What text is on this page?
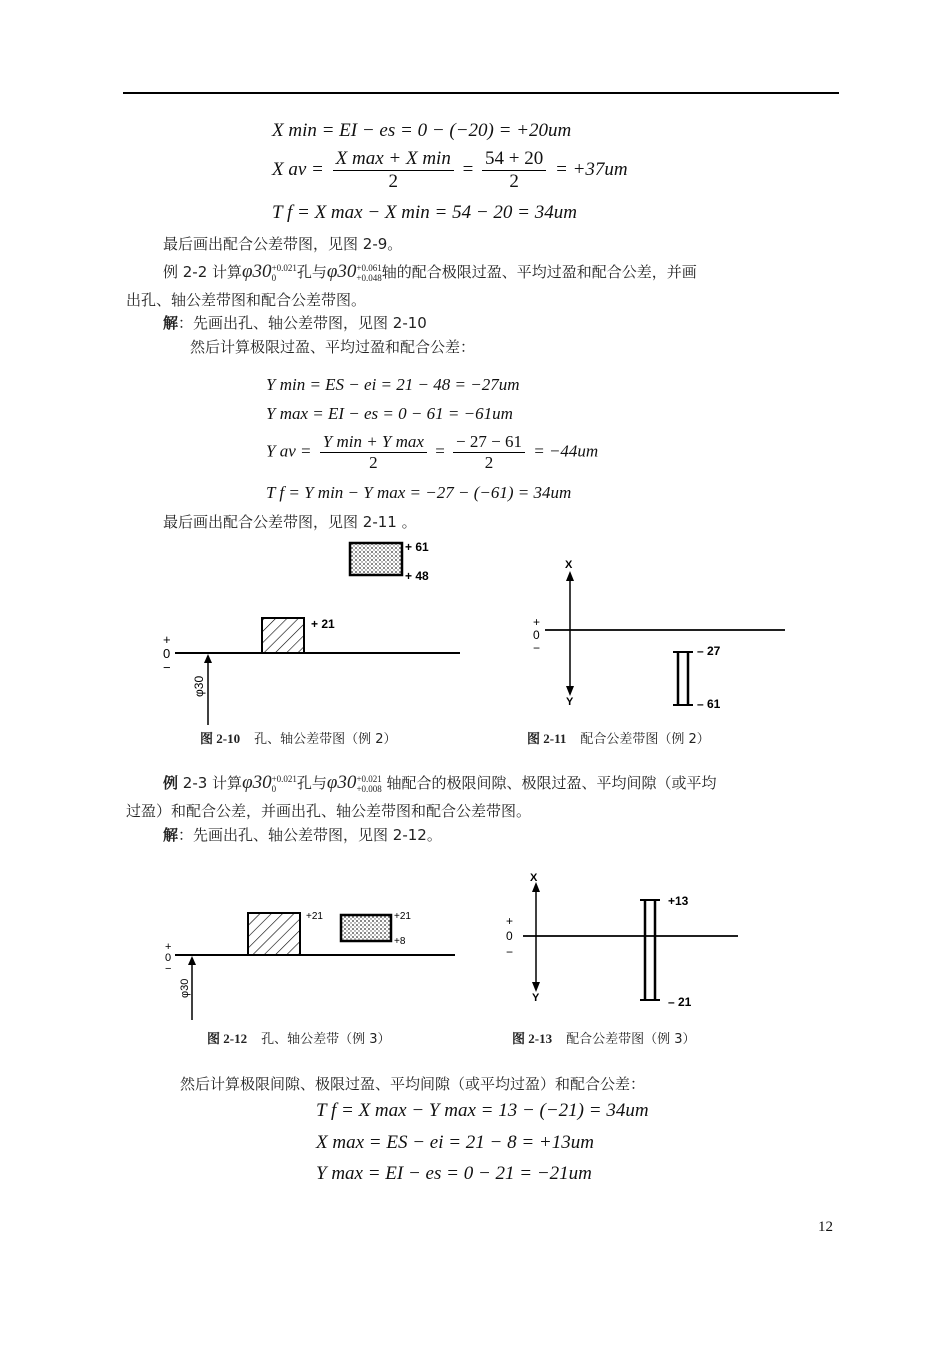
X min = EI − es = 0 − (−20) = +20um
X av = $\frac{\text{X max + X min}}{2} = \frac{54 + 20}{2} = +37um$
T f = X max − X min = 54 − 20 = 34um
最后画出配合公差带图，见图 2-9。
例 2-2 计算φ30 +0.021
0	孔与φ30 +0.061
+0.048 轴的配合极限过盈、平均过盈和配合公差，并画
出孔、轴公差带图和配合公差带图。
解：先画出孔、轴公差带图，见图 2-10
然后计算极限过盈、平均过盈和配合公差：
Y min = ES − ei = 21 − 48 = −27um
Y max = EI − es = 0 − 61 = −61um
Y av = $\frac{\text{Y min + Y max}}{2} = \frac{- 27 - 61}{2} = -44um$
T f = Y min − Y max = −27 − (−61) = 34um
最后画出配合公差带图，见图 2-11 。
+
0
−
φ30
+ 21
+ 61
+ 48
图 2-10 孔、轴公差带图（例 2）
X
Y
+
0
−	– 27
– 61
图 2-11 配合公差带图（例 2）
例 2-3 计算φ30 +0.021
0	孔与φ30 +0.021
+0.008 轴配合的极限间隙、极限过盈、平均间隙（或平均
过盈）和配合公差，并画出孔、轴公差带图和配合公差带图。
解：先画出孔、轴公差带图，见图 2-12。
+
0
−
φ30
+21	+21
+8
图 2-12 孔、轴公差带（例 3）
X
Y
+
0
−
+13
– 21
图 2-13 配合公差带图（例 3）
然后计算极限间隙、极限过盈、平均间隙（或平均过盈）和配合公差：
T f = X max − Y max = 13 − (−21) = 34um
X max = ES − ei = 21 − 8 = +13um
Y max = EI − es = 0 − 21 = −21um
12
